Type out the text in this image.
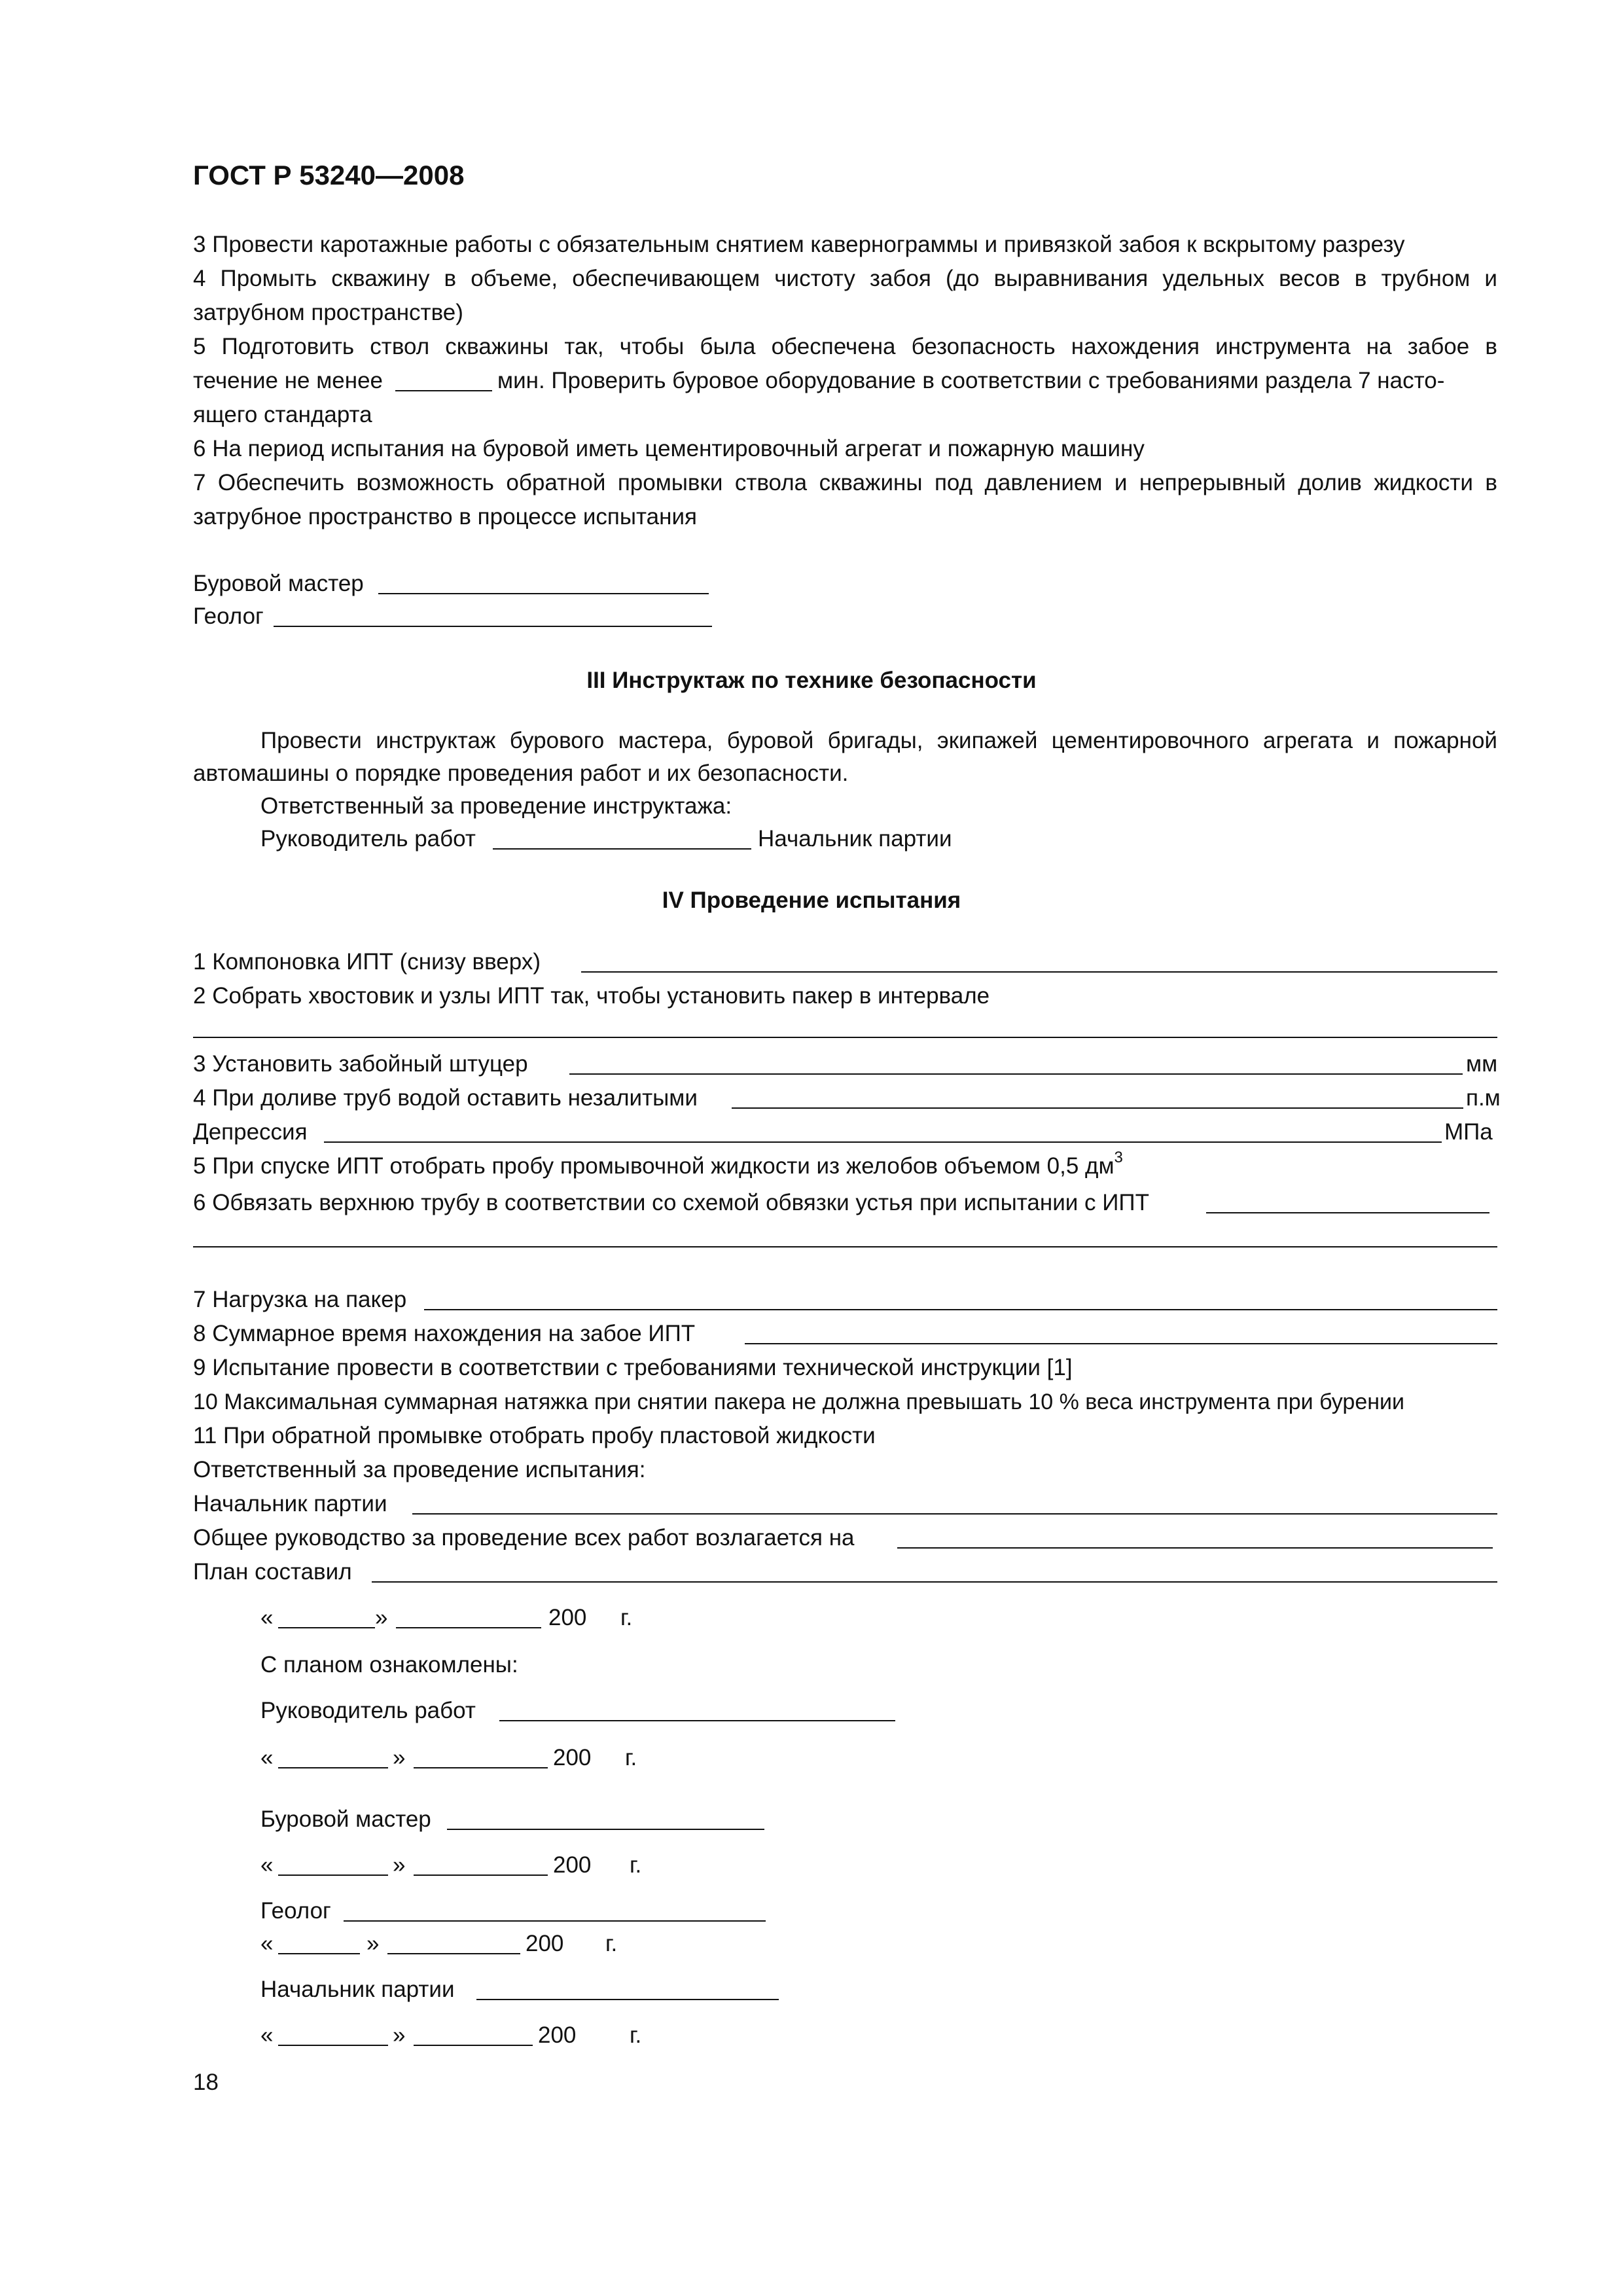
ГОСТ Р 53240—2008
3 Провести каротажные работы с обязательным снятием кавернограммы и привязкой забоя к вскрытому разрезу
4 Промыть скважину в объеме, обеспечивающем чистоту забоя (до выравнивания удельных весов в трубном и
затрубном пространстве)
5 Подготовить ствол скважины так, чтобы была обеспечена безопасность нахождения инструмента на забое в
течение не менее	мин. Проверить буровое оборудование в соответствии с требованиями раздела 7 насто-
ящего стандарта
6 На период испытания на буровой иметь цементировочный агрегат и пожарную машину
7 Обеспечить возможность обратной промывки ствола скважины под давлением и непрерывный долив жидкости в
затрубное пространство в процессе испытания
Буровой мастер
Геолог
III Инструктаж по технике безопасности
Провести инструктаж бурового мастера, буровой бригады, экипажей цементировочного агрегата и пожарной
автомашины о порядке проведения работ и их безопасности.
Ответственный за проведение инструктажа:
Руководитель работ	Начальник партии
IV Проведение испытания
1 Компоновка ИПТ (снизу вверх)
2 Собрать хвостовик и узлы ИПТ так, чтобы установить пакер в интервале
3 Установить забойный штуцер	мм
4 При доливе труб водой оставить незалитыми	п.м
Депрессия	МПа
5 При спуске ИПТ отобрать пробу промывочной жидкости из желобов объемом 0,5 $дм^3$
6 Обвязать верхнюю трубу в соответствии со схемой обвязки устья при испытании с ИПТ
7 Нагрузка на пакер
8 Суммарное время нахождения на забое ИПТ
9 Испытание провести в соответствии с требованиями технической инструкции [1]
10 Максимальная суммарная натяжка при снятии пакера не должна превышать 10 % веса инструмента при бурении
11 При обратной промывке отобрать пробу пластовой жидкости
Ответственный за проведение испытания:
Начальник партии
Общее руководство за проведение всех работ возлагается на
План составил
«	»	200 г.
С планом ознакомлены:
Руководитель работ
«	»	200 г.
Буровой мастер
«	»	200 г.
Геолог
«	»	200 г.
Начальник партии
«	»	200 г.
18
